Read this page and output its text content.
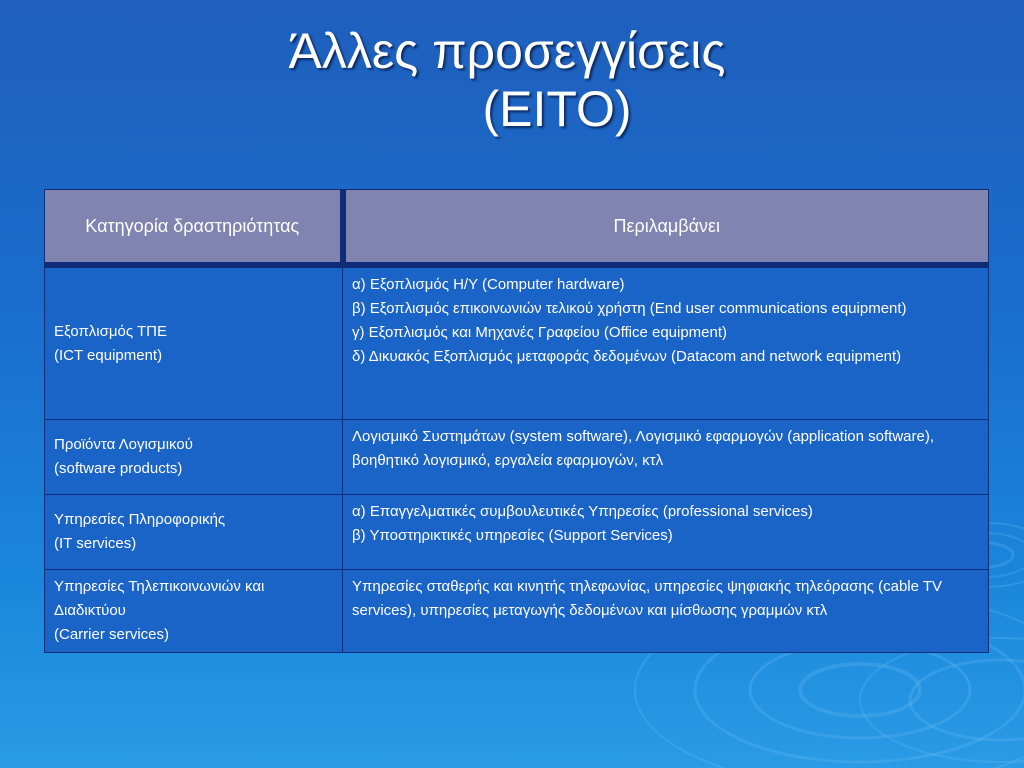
Άλλες προσεγγίσεις
(EITO)
Κατηγορία δραστηριότητας	Περιλαμβάνει

Εξοπλισμός ΤΠΕ
(ICT equipment)	α) Εξοπλισμός Η/Υ (Computer hardware)
β) Εξοπλισμός επικοινωνιών τελικού χρήστη (End user communications equipment)
γ) Εξοπλισμός και Μηχανές Γραφείου (Office equipment)
δ) Δικυακός Εξοπλισμός μεταφοράς δεδομένων (Datacom and network equipment)

Προϊόντα Λογισμικού
(software products)	Λογισμικό Συστημάτων (system software), Λογισμικό εφαρμογών (application software), βοηθητικό λογισμικό, εργαλεία εφαρμογών, κτλ

Υπηρεσίες Πληροφορικής
(IT services)	α) Επαγγελματικές συμβουλευτικές Υπηρεσίες (professional services)
β) Υποστηρικτικές υπηρεσίες (Support Services)

Υπηρεσίες Τηλεπικοινωνιών και Διαδικτύου
(Carrier services)	Υπηρεσίες σταθερής και κινητής τηλεφωνίας, υπηρεσίες ψηφιακής τηλεόρασης (cable TV services), υπηρεσίες μεταγωγής δεδομένων και μίσθωσης γραμμών κτλ
